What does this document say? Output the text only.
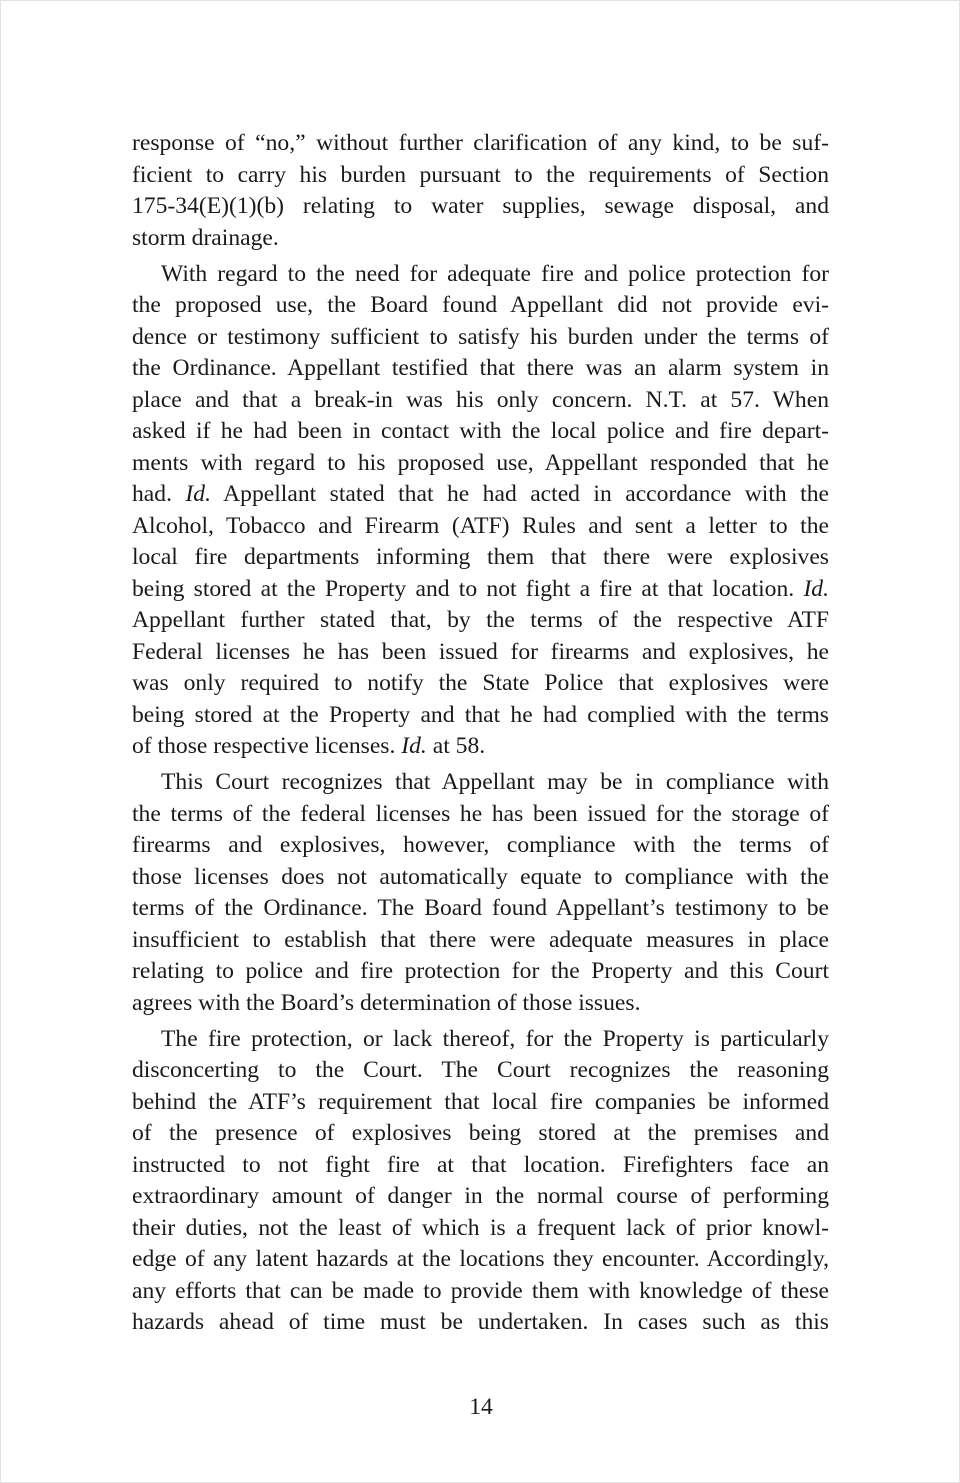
response of “no,” without further clarification of any kind, to be suf-
ficient to carry his burden pursuant to the requirements of Section
175-34(E)(1)(b) relating to water supplies, sewage disposal, and
storm drainage.
With regard to the need for adequate fire and police protection for
the proposed use, the Board found Appellant did not provide evi-
dence or testimony sufficient to satisfy his burden under the terms of
the Ordinance. Appellant testified that there was an alarm system in
place and that a break-in was his only concern. N.T. at 57. When
asked if he had been in contact with the local police and fire depart-
ments with regard to his proposed use, Appellant responded that he
had. Id. Appellant stated that he had acted in accordance with the
Alcohol, Tobacco and Firearm (ATF) Rules and sent a letter to the
local fire departments informing them that there were explosives
being stored at the Property and to not fight a fire at that location. Id.
Appellant further stated that, by the terms of the respective ATF
Federal licenses he has been issued for firearms and explosives, he
was only required to notify the State Police that explosives were
being stored at the Property and that he had complied with the terms
of those respective licenses. Id. at 58.
This Court recognizes that Appellant may be in compliance with
the terms of the federal licenses he has been issued for the storage of
firearms and explosives, however, compliance with the terms of
those licenses does not automatically equate to compliance with the
terms of the Ordinance. The Board found Appellant’s testimony to be
insufficient to establish that there were adequate measures in place
relating to police and fire protection for the Property and this Court
agrees with the Board’s determination of those issues.
The fire protection, or lack thereof, for the Property is particularly
disconcerting to the Court. The Court recognizes the reasoning
behind the ATF’s requirement that local fire companies be informed
of the presence of explosives being stored at the premises and
instructed to not fight fire at that location. Firefighters face an
extraordinary amount of danger in the normal course of performing
their duties, not the least of which is a frequent lack of prior knowl-
edge of any latent hazards at the locations they encounter. Accordingly,
any efforts that can be made to provide them with knowledge of these
hazards ahead of time must be undertaken. In cases such as this
14
